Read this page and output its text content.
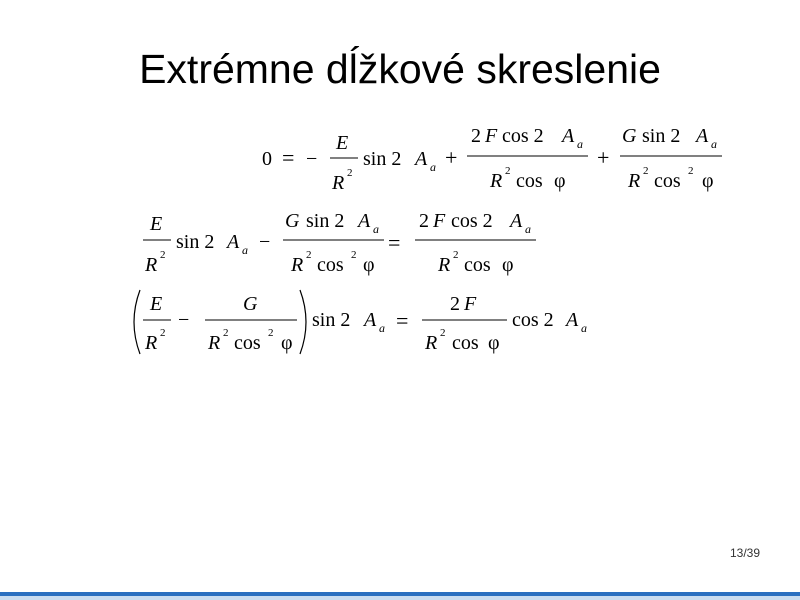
Extrémne dĺžkové skreslenie
0 = −
E
R 2
sin 2 A a +
2 F cos 2 A a
R 2 cos φ
+
G sin 2 A a
R 2 cos 2 φ
E
R 2
sin 2 A a −
G sin 2 A a
R 2 cos 2 φ
=
2 F cos 2 A a
R 2 cos φ
E
R 2
−
G
R 2 cos 2 φ
sin 2 A a =
2 F
R 2 cos φ
cos 2 A a
13/39
